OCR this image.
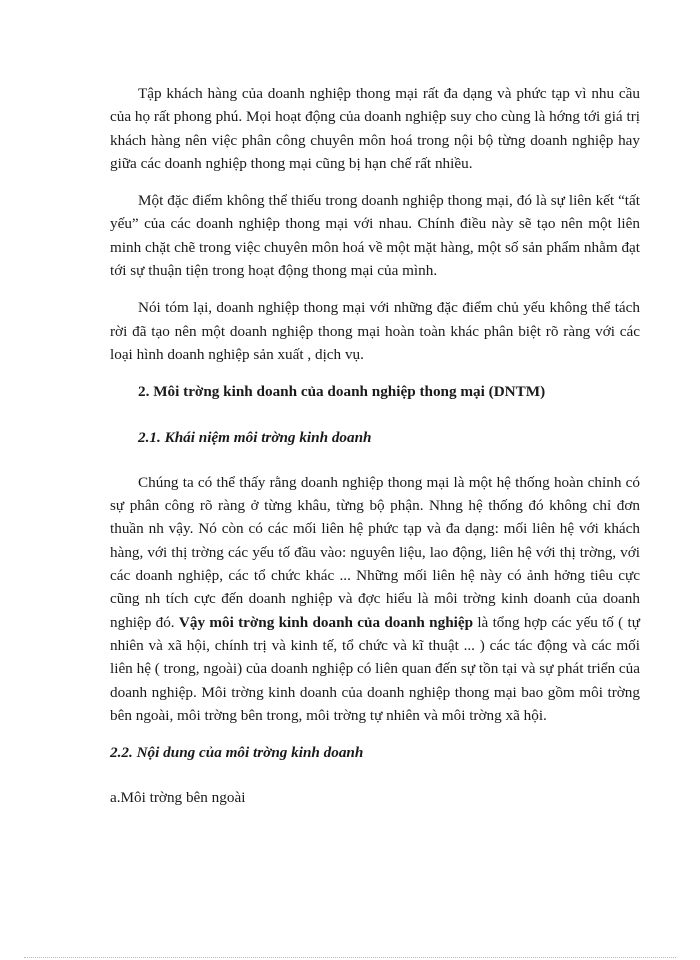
Tập khách hàng của doanh nghiệp thong mại rất đa dạng và phức tạp vì nhu cầu của họ rất phong phú. Mọi hoạt động của doanh nghiệp suy cho cùng là hớng tới giá trị khách hàng nên việc phân công chuyên môn hoá trong nội bộ từng doanh nghiệp hay giữa các doanh nghiệp thong mại cũng bị hạn chế rất nhiều.

Một đặc điểm không thể thiếu trong doanh nghiệp thong mại, đó là sự liên kết “tất yếu” của các doanh nghiệp thong mại với nhau. Chính điều này sẽ tạo nên một liên minh chặt chẽ trong việc chuyên môn hoá về một mặt hàng, một số sản phẩm nhằm đạt tới sự thuận tiện trong hoạt động thong mại của mình.

Nói tóm lại, doanh nghiệp thong mại với những đặc điểm chủ yếu không thể tách rời đã tạo nên một doanh nghiệp thong mại hoàn toàn khác phân biệt rõ ràng với các loại hình doanh nghiệp sản xuất , dịch vụ.

2. Môi trờng kinh doanh của doanh nghiệp thong mại (DNTM)

2.1. Khái niệm môi trờng kinh doanh

Chúng ta có thể thấy rằng doanh nghiệp thong mại là một hệ thống hoàn chỉnh có sự phân công rõ ràng ở từng khâu, từng bộ phận. Nhng hệ thống đó không chỉ đơn thuần nh vậy. Nó còn có các mối liên hệ phức tạp và đa dạng: mối liên hệ với khách hàng, với thị trờng các yếu tố đầu vào: nguyên liệu, lao động, liên hệ với thị trờng, với các doanh nghiệp, các tổ chức khác ... Những mối liên hệ này có ảnh hởng tiêu cực cũng nh tích cực đến doanh nghiệp và đợc hiểu là môi trờng kinh doanh của doanh nghiệp đó. Vậy môi trờng kinh doanh của doanh nghiệp là tổng hợp các yếu tố ( tự nhiên và xã hội, chính trị và kinh tế, tổ chức và kĩ thuật ... ) các tác động và các mối liên hệ ( trong, ngoài) của doanh nghiệp có liên quan đến sự tồn tại và sự phát triển của doanh nghiệp. Môi trờng kinh doanh của doanh nghiệp thong mại bao gồm môi trờng bên ngoài, môi trờng bên trong, môi trờng tự nhiên và môi trờng xã hội.

2.2. Nội dung của môi trờng kinh doanh

a.Môi trờng bên ngoài
